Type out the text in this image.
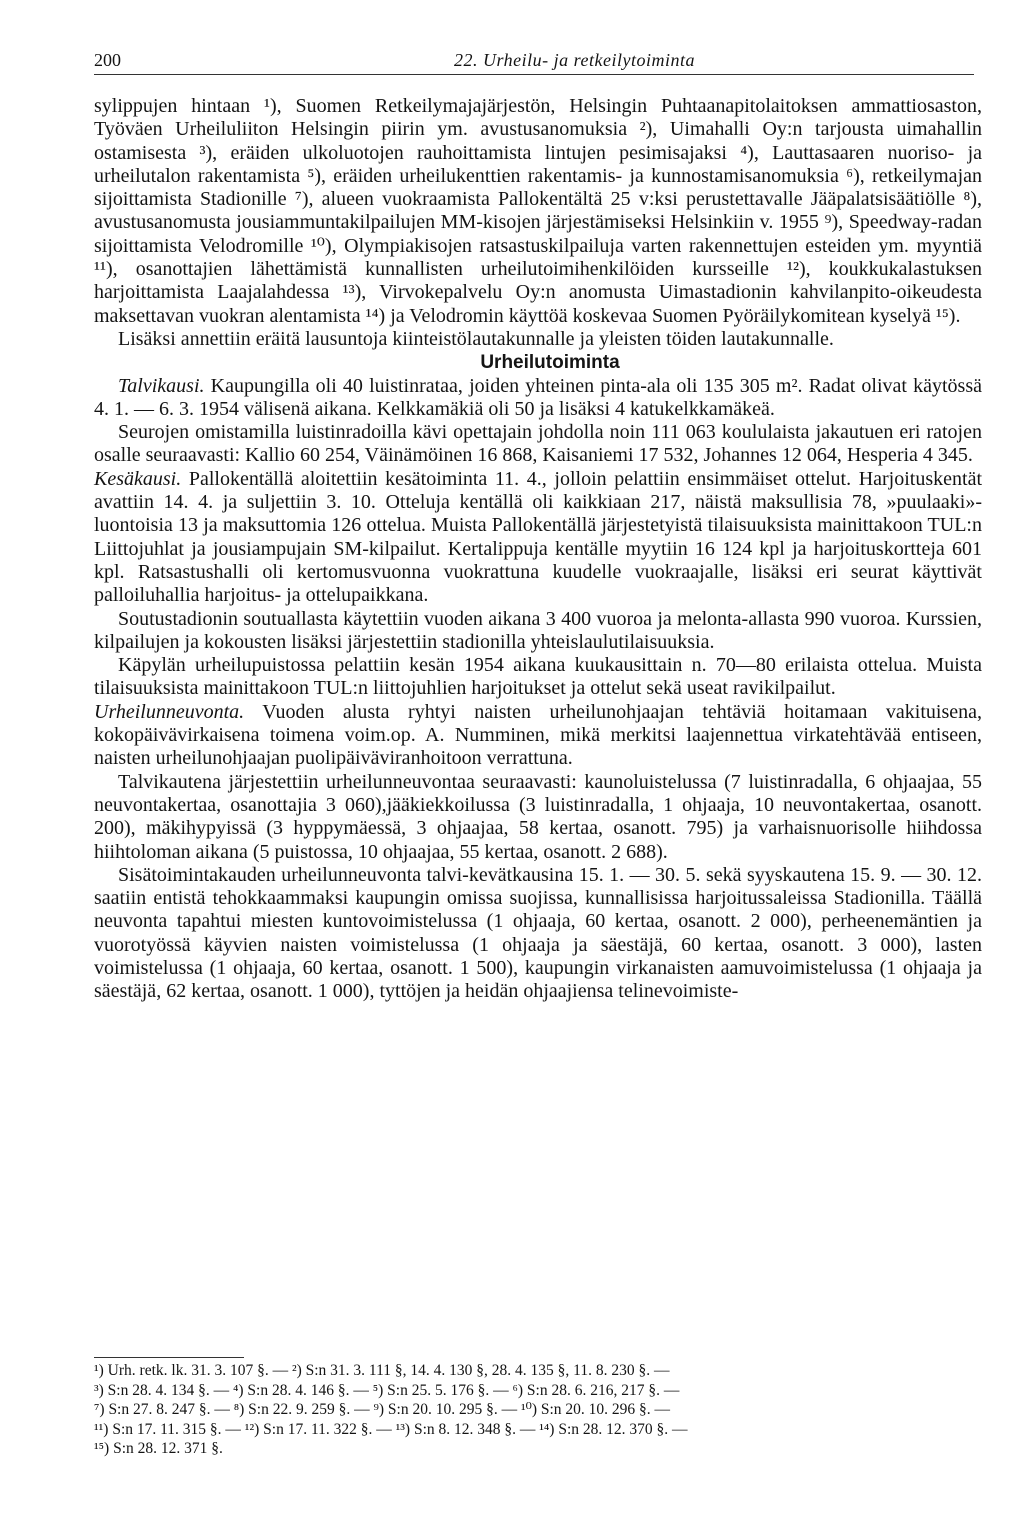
200	22. Urheilu- ja retkeilytoiminta

sylippujen hintaan ¹), Suomen Retkeilymajajärjestön, Helsingin Puhtaanapitolaitoksen ammattiosaston, Työväen Urheiluliiton Helsingin piirin ym. avustusanomuksia ²), Uimahalli Oy:n tarjousta uimahallin ostamisesta ³), eräiden ulkoluotojen rauhoittamista lintujen pesimisajaksi ⁴), Lauttasaaren nuoriso- ja urheilutalon rakentamista ⁵), eräiden urheilukenttien rakentamis- ja kunnostamisanomuksia ⁶), retkeilymajan sijoittamista Stadionille ⁷), alueen vuokraamista Pallokentältä 25 v:ksi perustettavalle Jääpalatsisäätiölle ⁸), avustusanomusta jousiammuntakilpailujen MM-kisojen järjestämiseksi Helsinkiin v. 1955 ⁹), Speedway-radan sijoittamista Velodromille ¹⁰), Olympiakisojen ratsastuskilpailuja varten rakennettujen esteiden ym. myyntiä ¹¹), osanottajien lähettämistä kunnallisten urheilutoimihenkilöiden kursseille ¹²), koukkukalastuksen harjoittamista Laajalahdessa ¹³), Virvokepalvelu Oy:n anomusta Uimastadionin kahvilanpito-oikeudesta maksettavan vuokran alentamista ¹⁴) ja Velodromin käyttöä koskevaa Suomen Pyöräilykomitean kyselyä ¹⁵).

Lisäksi annettiin eräitä lausuntoja kiinteistölautakunnalle ja yleisten töiden lautakunnalle.

Urheilutoiminta

Talvikausi. Kaupungilla oli 40 luistinrataa, joiden yhteinen pinta-ala oli 135 305 m². Radat olivat käytössä 4. 1. — 6. 3. 1954 välisenä aikana. Kelkkamäkiä oli 50 ja lisäksi 4 katukelkkamäkeä.

Seurojen omistamilla luistinradoilla kävi opettajain johdolla noin 111 063 koululaista jakautuen eri ratojen osalle seuraavasti: Kallio 60 254, Väinämöinen 16 868, Kaisaniemi 17 532, Johannes 12 064, Hesperia 4 345.

Kesäkausi. Pallokentällä aloitettiin kesätoiminta 11. 4., jolloin pelattiin ensimmäiset ottelut. Harjoituskentät avattiin 14. 4. ja suljettiin 3. 10. Otteluja kentällä oli kaikkiaan 217, näistä maksullisia 78, »puulaaki»-luontoisia 13 ja maksuttomia 126 ottelua. Muista Pallokentällä järjestetyistä tilaisuuksista mainittakoon TUL:n Liittojuhlat ja jousiampujain SM-kilpailut. Kertalippuja kentälle myytiin 16 124 kpl ja harjoituskortteja 601 kpl. Ratsastushalli oli kertomusvuonna vuokrattuna kuudelle vuokraajalle, lisäksi eri seurat käyttivät palloiluhallia harjoitus- ja ottelupaikkana.

Soutustadionin soutuallasta käytettiin vuoden aikana 3 400 vuoroa ja melonta-allasta 990 vuoroa. Kurssien, kilpailujen ja kokousten lisäksi järjestettiin stadionilla yhteislaulutilaisuuksia.

Käpylän urheilupuistossa pelattiin kesän 1954 aikana kuukausittain n. 70—80 erilaista ottelua. Muista tilaisuuksista mainittakoon TUL:n liittojuhlien harjoitukset ja ottelut sekä useat ravikilpailut.

Urheilunneuvonta. Vuoden alusta ryhtyi naisten urheilunohjaajan tehtäviä hoitamaan vakituisena, kokopäivävirkaisena toimena voim.op. A. Numminen, mikä merkitsi laajennettua virkatehtävää entiseen, naisten urheilunohjaajan puolipäiväviranhoitoon verrattuna.

Talvikautena järjestettiin urheilunneuvontaa seuraavasti: kaunoluistelussa (7 luistinradalla, 6 ohjaajaa, 55 neuvontakertaa, osanottajia 3 060),jääkiekkoilussa (3 luistinradalla, 1 ohjaaja, 10 neuvontakertaa, osanott. 200), mäkihypyissä (3 hyppymäessä, 3 ohjaajaa, 58 kertaa, osanott. 795) ja varhaisnuorisolle hiihdossa hiihtoloman aikana (5 puistossa, 10 ohjaajaa, 55 kertaa, osanott. 2 688).

Sisätoimintakauden urheilunneuvonta talvi-kevätkausina 15. 1. — 30. 5. sekä syyskautena 15. 9. — 30. 12. saatiin entistä tehokkaammaksi kaupungin omissa suojissa, kunnallisissa harjoitussaleissa Stadionilla. Täällä neuvonta tapahtui miesten kuntovoimistelussa (1 ohjaaja, 60 kertaa, osanott. 2 000), perheenemäntien ja vuorotyössä käyvien naisten voimistelussa (1 ohjaaja ja säestäjä, 60 kertaa, osanott. 3 000), lasten voimistelussa (1 ohjaaja, 60 kertaa, osanott. 1 500), kaupungin virkanaisten aamuvoimistelussa (1 ohjaaja ja säestäjä, 62 kertaa, osanott. 1 000), tyttöjen ja heidän ohjaajiensa telinevoimiste-

¹) Urh. retk. lk. 31. 3. 107 §. — ²) S:n 31. 3. 111 §, 14. 4. 130 §, 28. 4. 135 §, 11. 8. 230 §. —

³) S:n 28. 4. 134 §. — ⁴) S:n 28. 4. 146 §. — ⁵) S:n 25. 5. 176 §. — ⁶) S:n 28. 6. 216, 217 §. —

⁷) S:n 27. 8. 247 §. — ⁸) S:n 22. 9. 259 §. — ⁹) S:n 20. 10. 295 §. — ¹⁰) S:n 20. 10. 296 §. —

¹¹) S:n 17. 11. 315 §. — ¹²) S:n 17. 11. 322 §. — ¹³) S:n 8. 12. 348 §. — ¹⁴) S:n 28. 12. 370 §. —

¹⁵) S:n 28. 12. 371 §.
